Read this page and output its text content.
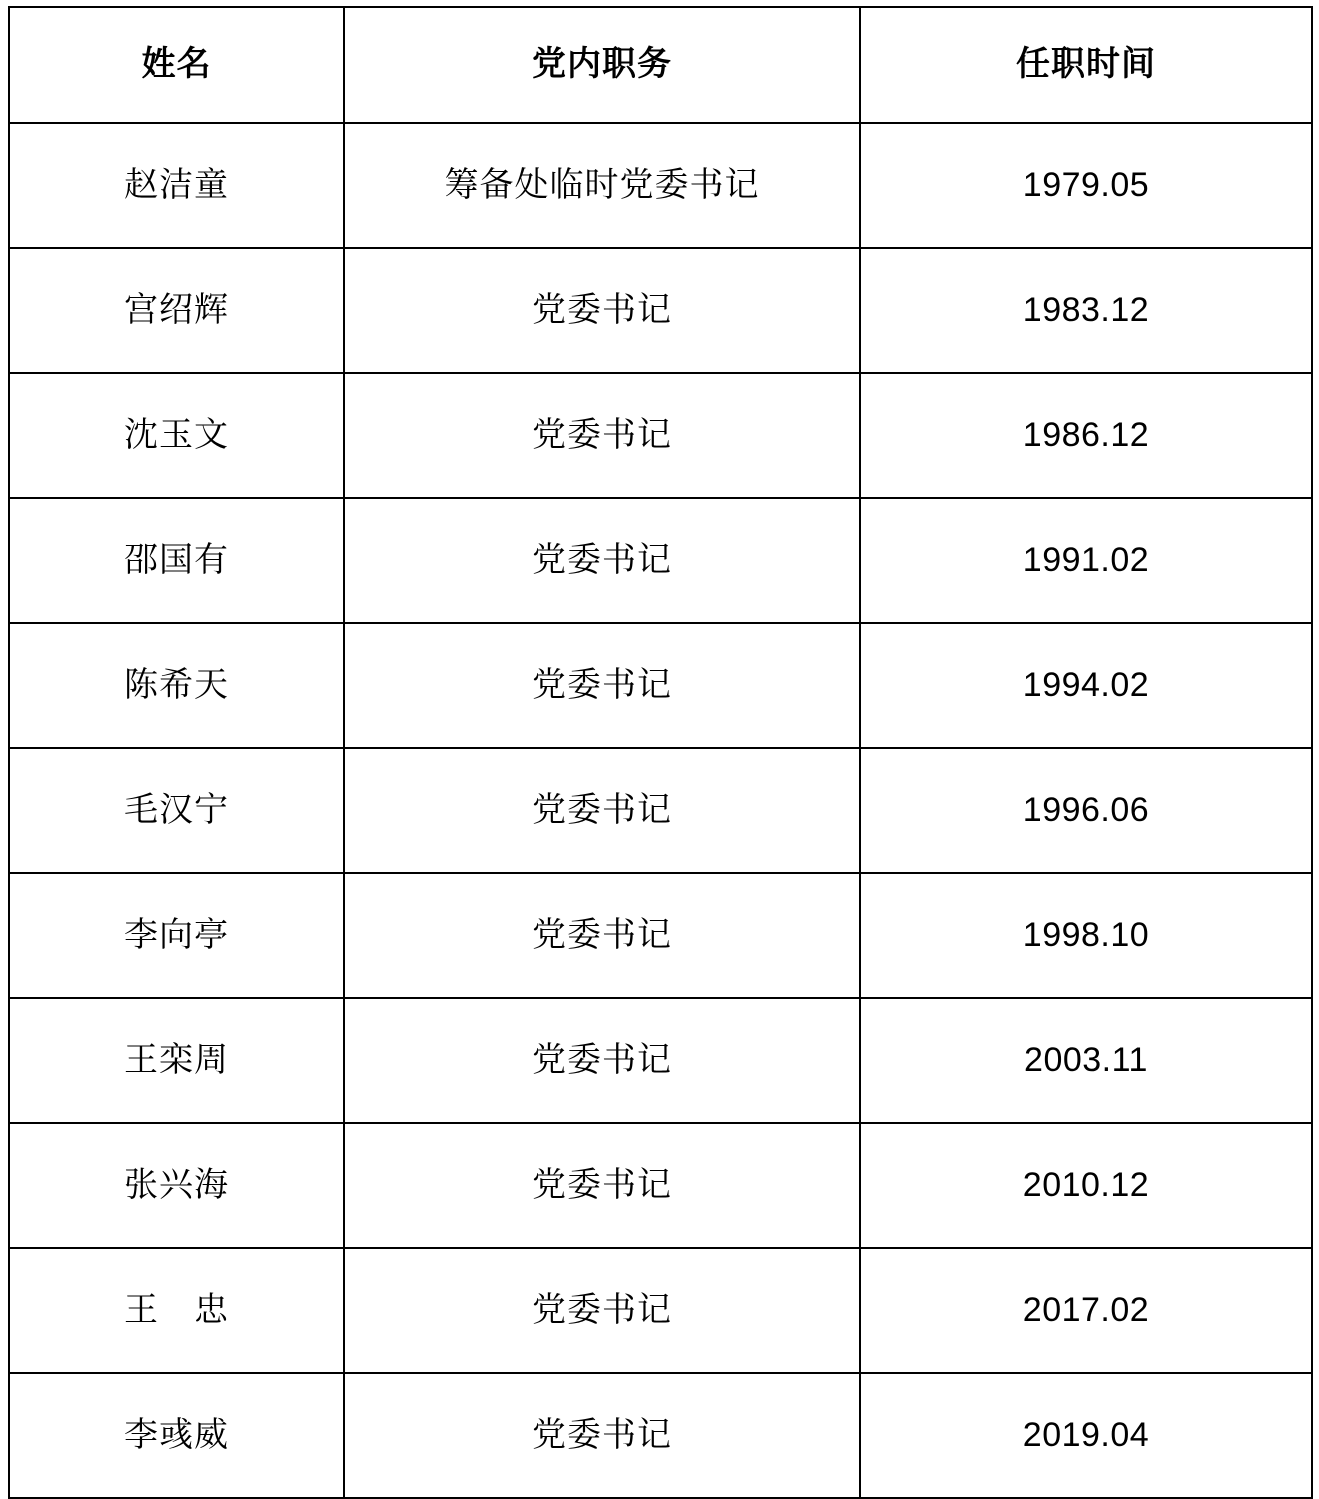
姓名	党内职务	任职时间
赵洁童	筹备处临时党委书记	1979.05
宫绍辉	党委书记	1983.12
沈玉文	党委书记	1986.12
邵国有	党委书记	1991.02
陈希天	党委书记	1994.02
毛汉宁	党委书记	1996.06
李向亭	党委书记	1998.10
王栾周	党委书记	2003.11
张兴海	党委书记	2010.12
王　忠	党委书记	2017.02
李彧威	党委书记	2019.04
